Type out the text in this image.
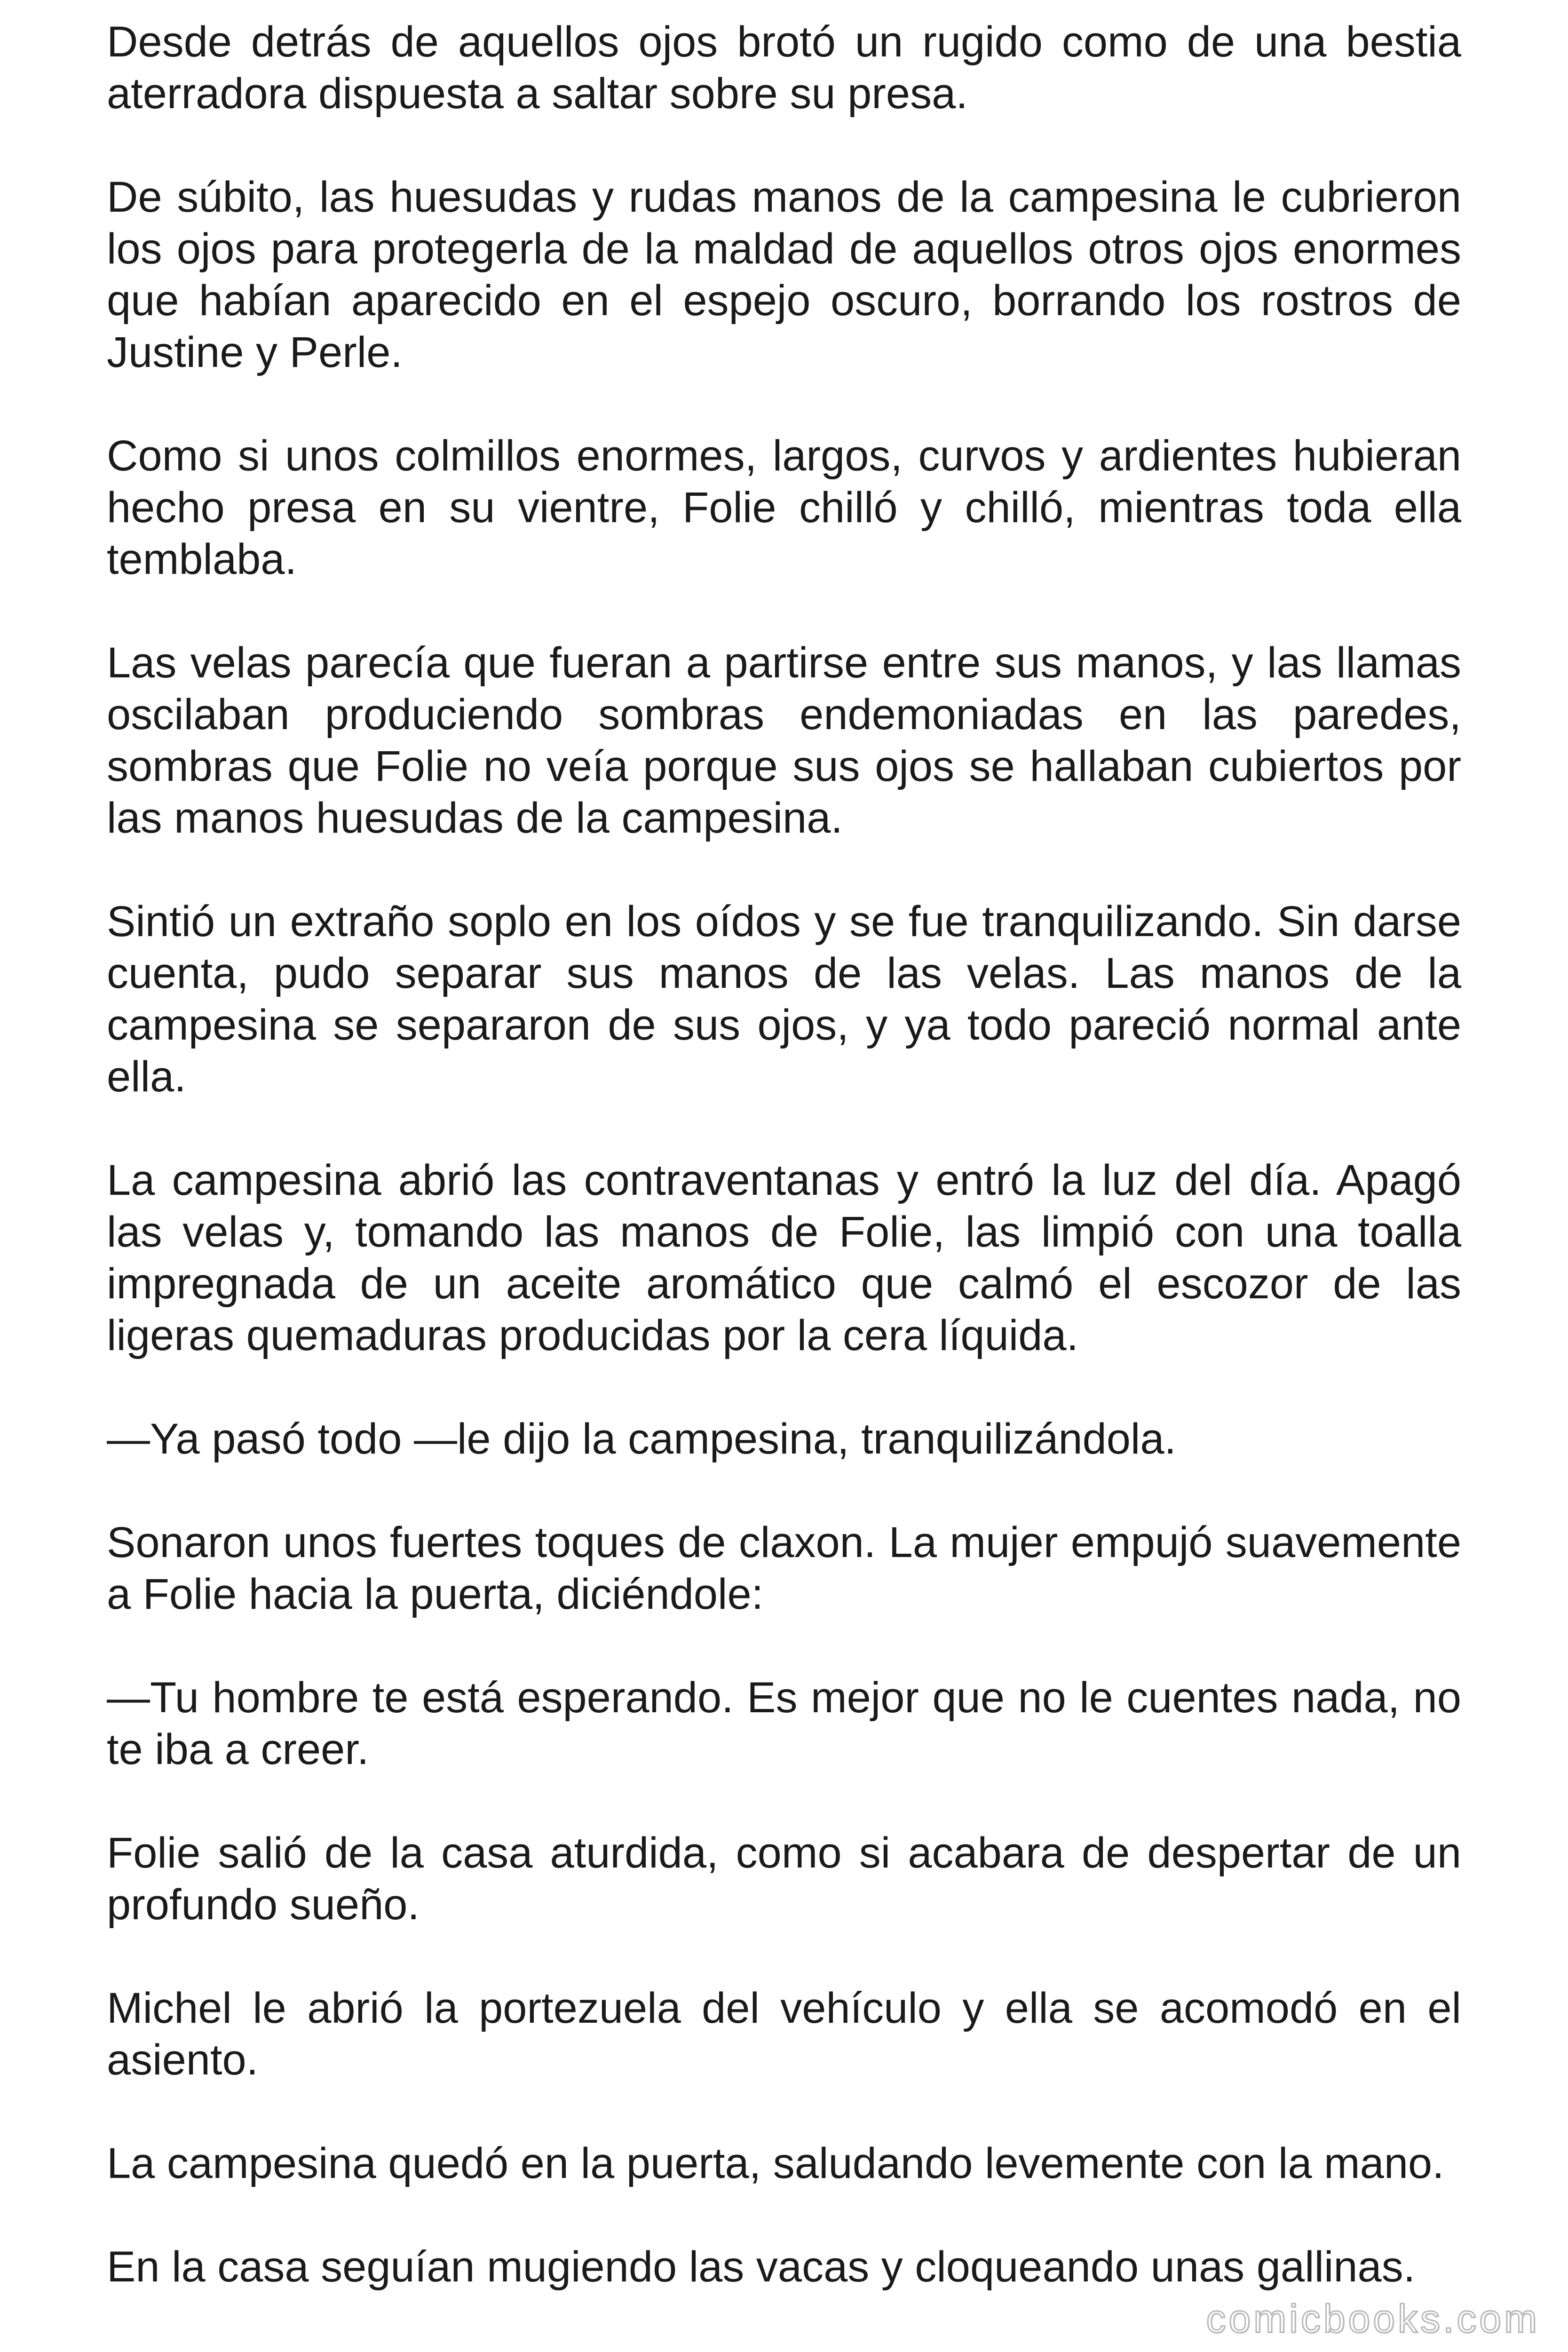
Desde detrás de aquellos ojos brotó un rugido como de una bestia aterradora dispuesta a saltar sobre su presa.

De súbito, las huesudas y rudas manos de la campesina le cubrieron los ojos para protegerla de la maldad de aquellos otros ojos enormes que habían aparecido en el espejo oscuro, borrando los rostros de Justine y Perle.

Como si unos colmillos enormes, largos, curvos y ardientes hubieran hecho presa en su vientre, Folie chilló y chilló, mientras toda ella temblaba.

Las velas parecía que fueran a partirse entre sus manos, y las llamas oscilaban produciendo sombras endemoniadas en las paredes, sombras que Folie no veía porque sus ojos se hallaban cubiertos por las manos huesudas de la campesina.

Sintió un extraño soplo en los oídos y se fue tranquilizando. Sin darse cuenta, pudo separar sus manos de las velas. Las manos de la campesina se separaron de sus ojos, y ya todo pareció normal ante ella.

La campesina abrió las contraventanas y entró la luz del día. Apagó las velas y, tomando las manos de Folie, las limpió con una toalla impregnada de un aceite aromático que calmó el escozor de las ligeras quemaduras producidas por la cera líquida.

—Ya pasó todo —le dijo la campesina, tranquilizándola.

Sonaron unos fuertes toques de claxon. La mujer empujó suavemente a Folie hacia la puerta, diciéndole:

—Tu hombre te está esperando. Es mejor que no le cuentes nada, no te iba a creer.

Folie salió de la casa aturdida, como si acabara de despertar de un profundo sueño.

Michel le abrió la portezuela del vehículo y ella se acomodó en el asiento.

La campesina quedó en la puerta, saludando levemente con la mano.

En la casa seguían mugiendo las vacas y cloqueando unas gallinas.

comicbooks.com
